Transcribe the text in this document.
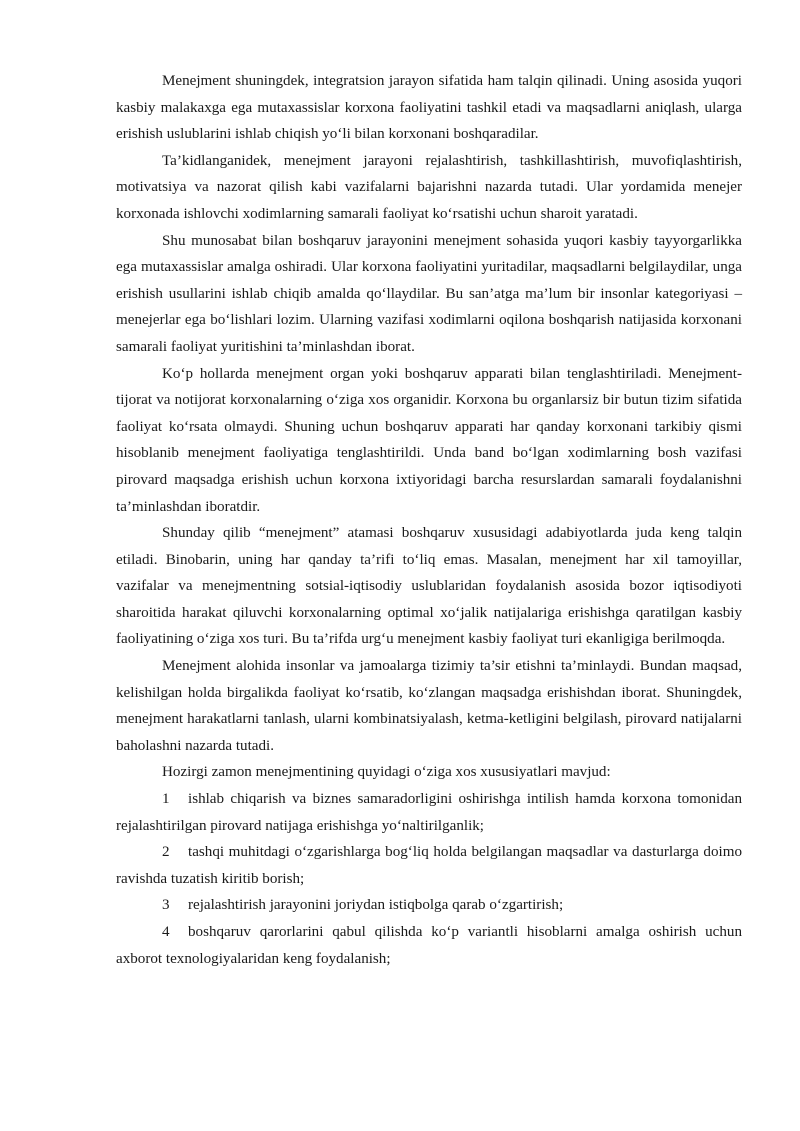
Menejment shuningdek, integratsion jarayon sifatida ham talqin qilinadi. Uning asosida yuqori kasbiy malakaxga ega mutaxassislar korxona faoliyatini tashkil etadi va maqsadlarni aniqlash, ularga erishish uslublarini ishlab chiqish yo‘li bilan korxonani boshqaradilar.

Ta’kidlanganidek, menejment jarayoni rejalashtirish, tashkillashtirish, muvofiqlashtirish, motivatsiya va nazorat qilish kabi vazifalarni bajarishni nazarda tutadi. Ular yordamida menejer korxonada ishlovchi xodimlarning samarali faoliyat ko‘rsatishi uchun sharoit yaratadi.

Shu munosabat bilan boshqaruv jarayonini menejment sohasida yuqori kasbiy tayyorgarlikka ega mutaxassislar amalga oshiradi. Ular korxona faoliyatini yuritadilar, maqsadlarni belgilaydilar, unga erishish usullarini ishlab chiqib amalda qo‘llaydilar. Bu san’atga ma’lum bir insonlar kategoriyasi – menejerlar ega bo‘lishlari lozim. Ularning vazifasi xodimlarni oqilona boshqarish natijasida korxonani samarali faoliyat yuritishini ta’minlashdan iborat.

Ko‘p hollarda menejment organ yoki boshqaruv apparati bilan tenglashtiriladi. Menejment-tijorat va notijorat korxonalarning o‘ziga xos organidir. Korxona bu organlarsiz bir butun tizim sifatida faoliyat ko‘rsata olmaydi. Shuning uchun boshqaruv apparati har qanday korxonani tarkibiy qismi hisoblanib menejment faoliyatiga tenglashtirildi. Unda band bo‘lgan xodimlarning bosh vazifasi pirovard maqsadga erishish uchun korxona ixtiyoridagi barcha resurslardan samarali foydalanishni ta’minlashdan iboratdir.

Shunday qilib “menejment” atamasi boshqaruv xususidagi adabiyotlarda juda keng talqin etiladi. Binobarin, uning har qanday ta’rifi to‘liq emas. Masalan, menejment har xil tamoyillar, vazifalar va menejmentning sotsial-iqtisodiy uslublaridan foydalanish asosida bozor iqtisodiyoti sharoitida harakat qiluvchi korxonalarning optimal xo‘jalik natijalariga erishishga qaratilgan kasbiy faoliyatining o‘ziga xos turi. Bu ta’rifda urg‘u menejment kasbiy faoliyat turi ekanligiga berilmoqda.

Menejment alohida insonlar va jamoalarga tizimiy ta’sir etishni ta’minlaydi. Bundan maqsad, kelishilgan holda birgalikda faoliyat ko‘rsatib, ko‘zlangan maqsadga erishishdan iborat. Shuningdek, menejment harakatlarni tanlash, ularni kombinatsiyalash, ketma-ketligini belgilash, pirovard natijalarni baholashni nazarda tutadi.

Hozirgi zamon menejmentining quyidagi o‘ziga xos xususiyatlari mavjud:

1 ishlab chiqarish va biznes samaradorligini oshirishga intilish hamda korxona tomonidan rejalashtirilgan pirovard natijaga erishishga yo‘naltirilganlik;

2 tashqi muhitdagi o‘zgarishlarga bog‘liq holda belgilangan maqsadlar va dasturlarga doimo ravishda tuzatish kiritib borish;

3 rejalashtirish jarayonini joriydan istiqbolga qarab o‘zgartirish;

4 boshqaruv qarorlarini qabul qilishda ko‘p variantli hisoblarni amalga oshirish uchun axborot texnologiyalaridan keng foydalanish;
